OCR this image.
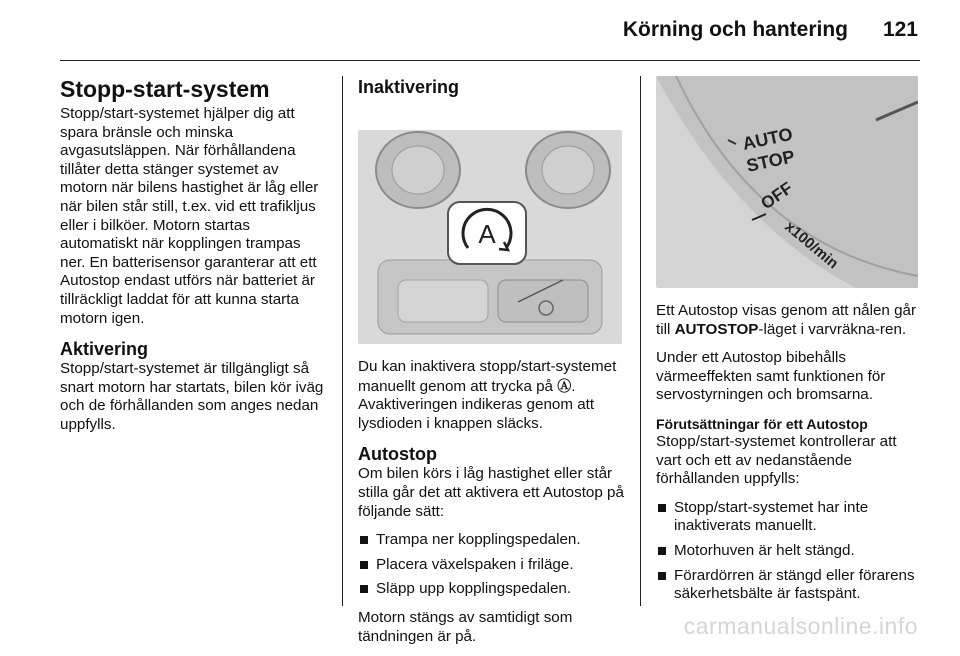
Körning och hantering 121
Stopp-start-system

Stopp/start-systemet hjälper dig att spara bränsle och minska avgasutsläppen. När förhållandena tillåter detta stänger systemet av motorn när bilens hastighet är låg eller när bilen står still, t.ex. vid ett trafikljus eller i bilköer. Motorn startas automatiskt när kopplingen trampas ner. En batterisensor garanterar att ett Autostop endast utförs när batteriet är tillräckligt laddat för att kunna starta motorn igen.

Aktivering

Stopp/start-systemet är tillgängligt så snart motorn har startats, bilen kör iväg och de förhållanden som anges nedan uppfylls.

Inaktivering
A

Du kan inaktivera stopp/start-systemet manuellt genom att trycka på Ⓐ. Avaktiveringen indikeras genom att lysdioden i knappen släcks.

Autostop

Om bilen körs i låg hastighet eller står stilla går det att aktivera ett Autostop på följande sätt:

Trampa ner kopplingspedalen.
Placera växelspaken i friläge.
Släpp upp kopplingspedalen.

Motorn stängs av samtidigt som tändningen är på.

AUTO
STOP
OFF
x100/min

Ett Autostop visas genom att nålen går till AUTOSTOP-läget i varvräkna-ren.

Under ett Autostop bibehålls värmeeffekten samt funktionen för servostyrningen och bromsarna.

Förutsättningar för ett Autostop

Stopp/start-systemet kontrollerar att vart och ett av nedanstående förhållanden uppfylls:

Stopp/start-systemet har inte inaktiverats manuellt.
Motorhuven är helt stängd.
Förardörren är stängd eller förarens säkerhetsbälte är fastspänt.
carmanualsonline.info
